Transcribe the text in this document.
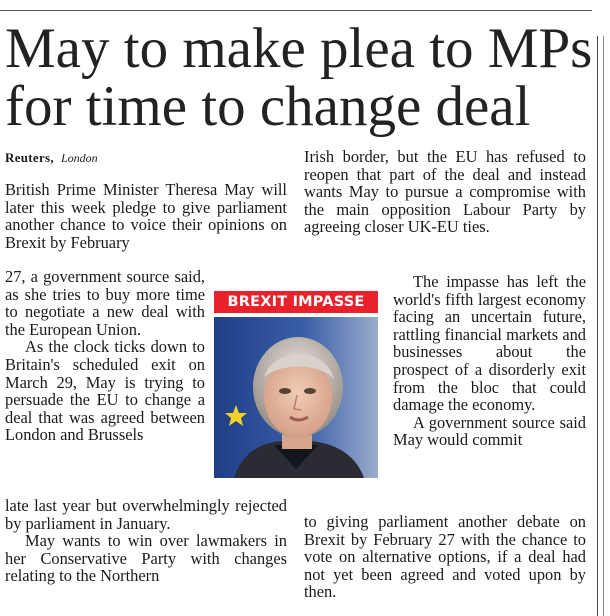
May to make plea to MPs for time to change deal
Reuters, London

British Prime Minister Theresa May will later this week pledge to give parliament another chance to voice their opinions on Brexit by February

27, a government source said, as she tries to buy more time to negotiate a new deal with the European Union.

As the clock ticks down to Britain's scheduled exit on March 29, May is trying to persuade the EU to change a deal that was agreed between London and Brussels

late last year but overwhelmingly rejected by parliament in January.

May wants to win over lawmakers in her Conservative Party with changes relating to the Northern

BREXIT IMPASSE

Irish border, but the EU has refused to reopen that part of the deal and instead wants May to pursue a compromise with the main opposition Labour Party by agreeing closer UK-EU ties.

The impasse has left the world's fifth largest economy facing an uncertain future, rattling financial markets and businesses about the prospect of a disorderly exit from the bloc that could damage the economy.

A government source said May would commit

to giving parliament another debate on Brexit by February 27 with the chance to vote on alternative options, if a deal had not yet been agreed and voted upon by then.
